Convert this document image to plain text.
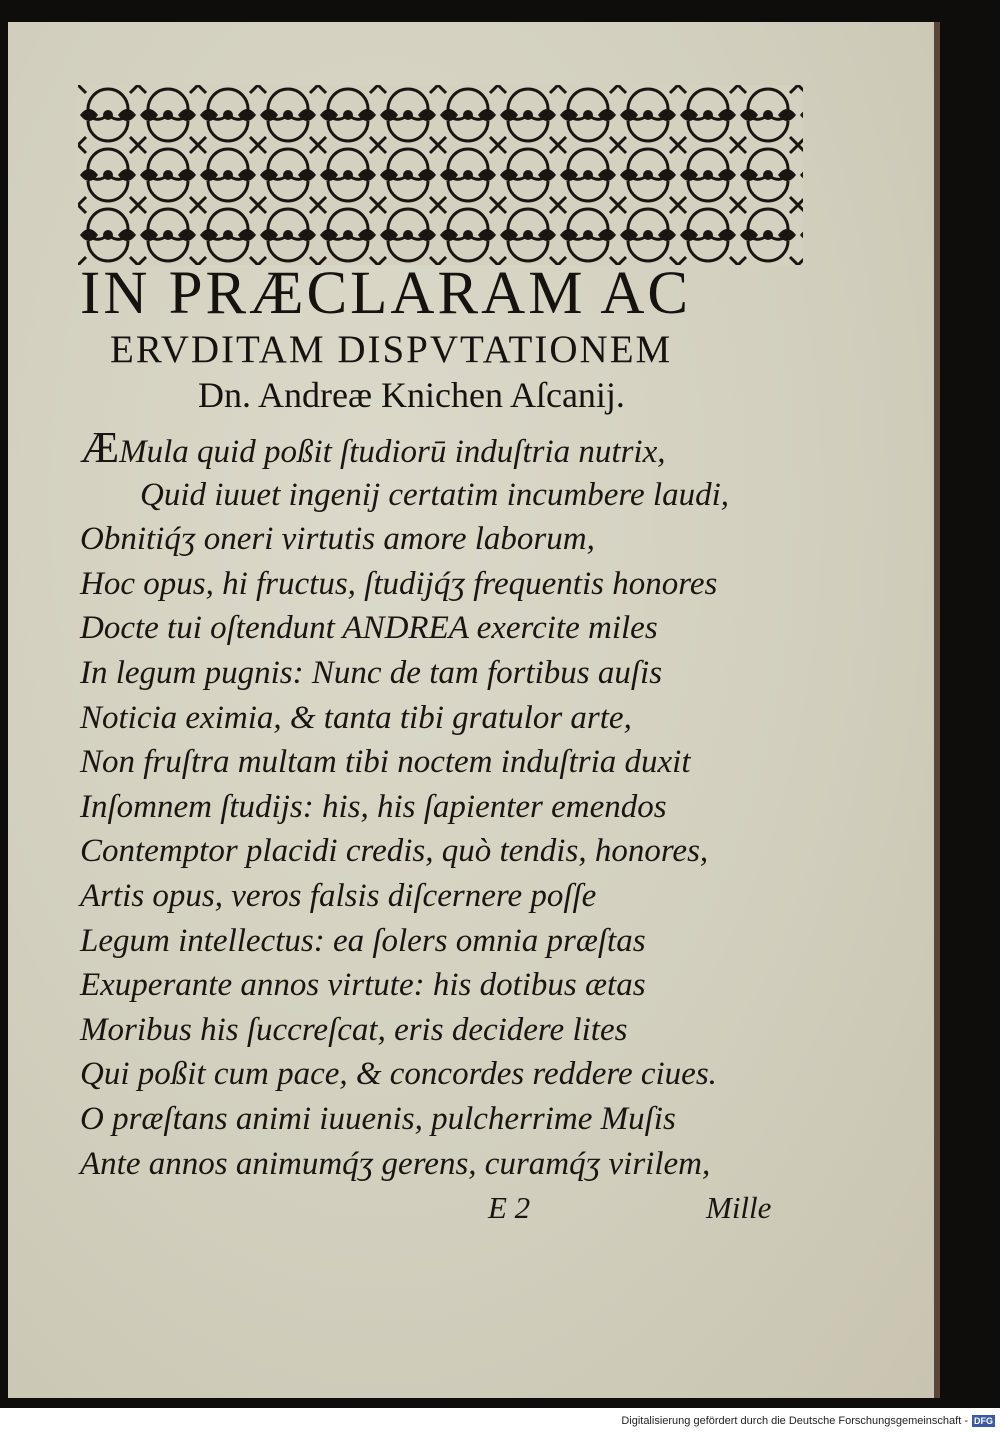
IN PRÆCLARAM AC
ERVDITAM DISPVTATIONEM
Dn. Andreæ Knichen Aſcanij.
ÆMula quid poßit ſtudiorū induſtria nutrix,
Quid iuuet ingenij certatim incumbere laudi,
Obnitiq́ʒ oneri virtutis amore laborum,
Hoc opus, hi fructus, ſtudijq́ʒ frequentis honores
Docte tui oſtendunt ANDREA exercite miles
In legum pugnis: Nunc de tam fortibus auſis
Noticia eximia, & tanta tibi gratulor arte,
Non fruſtra multam tibi noctem induſtria duxit
Inſomnem ſtudijs: his, his ſapienter emendos
Contemptor placidi credis, quò tendis, honores,
Artis opus, veros falsis diſcernere poſſe
Legum intellectus: ea ſolers omnia præſtas
Exuperante annos virtute: his dotibus ætas
Moribus his ſuccreſcat, eris decidere lites
Qui poßit cum pace, & concordes reddere ciues.
O præſtans animi iuuenis, pulcherrime Muſis
Ante annos animumq́ʒ gerens, curamq́ʒ virilem,
E 2	Mille
Digitalisierung gefördert durch die Deutsche Forschungsgemeinschaft - DFG
